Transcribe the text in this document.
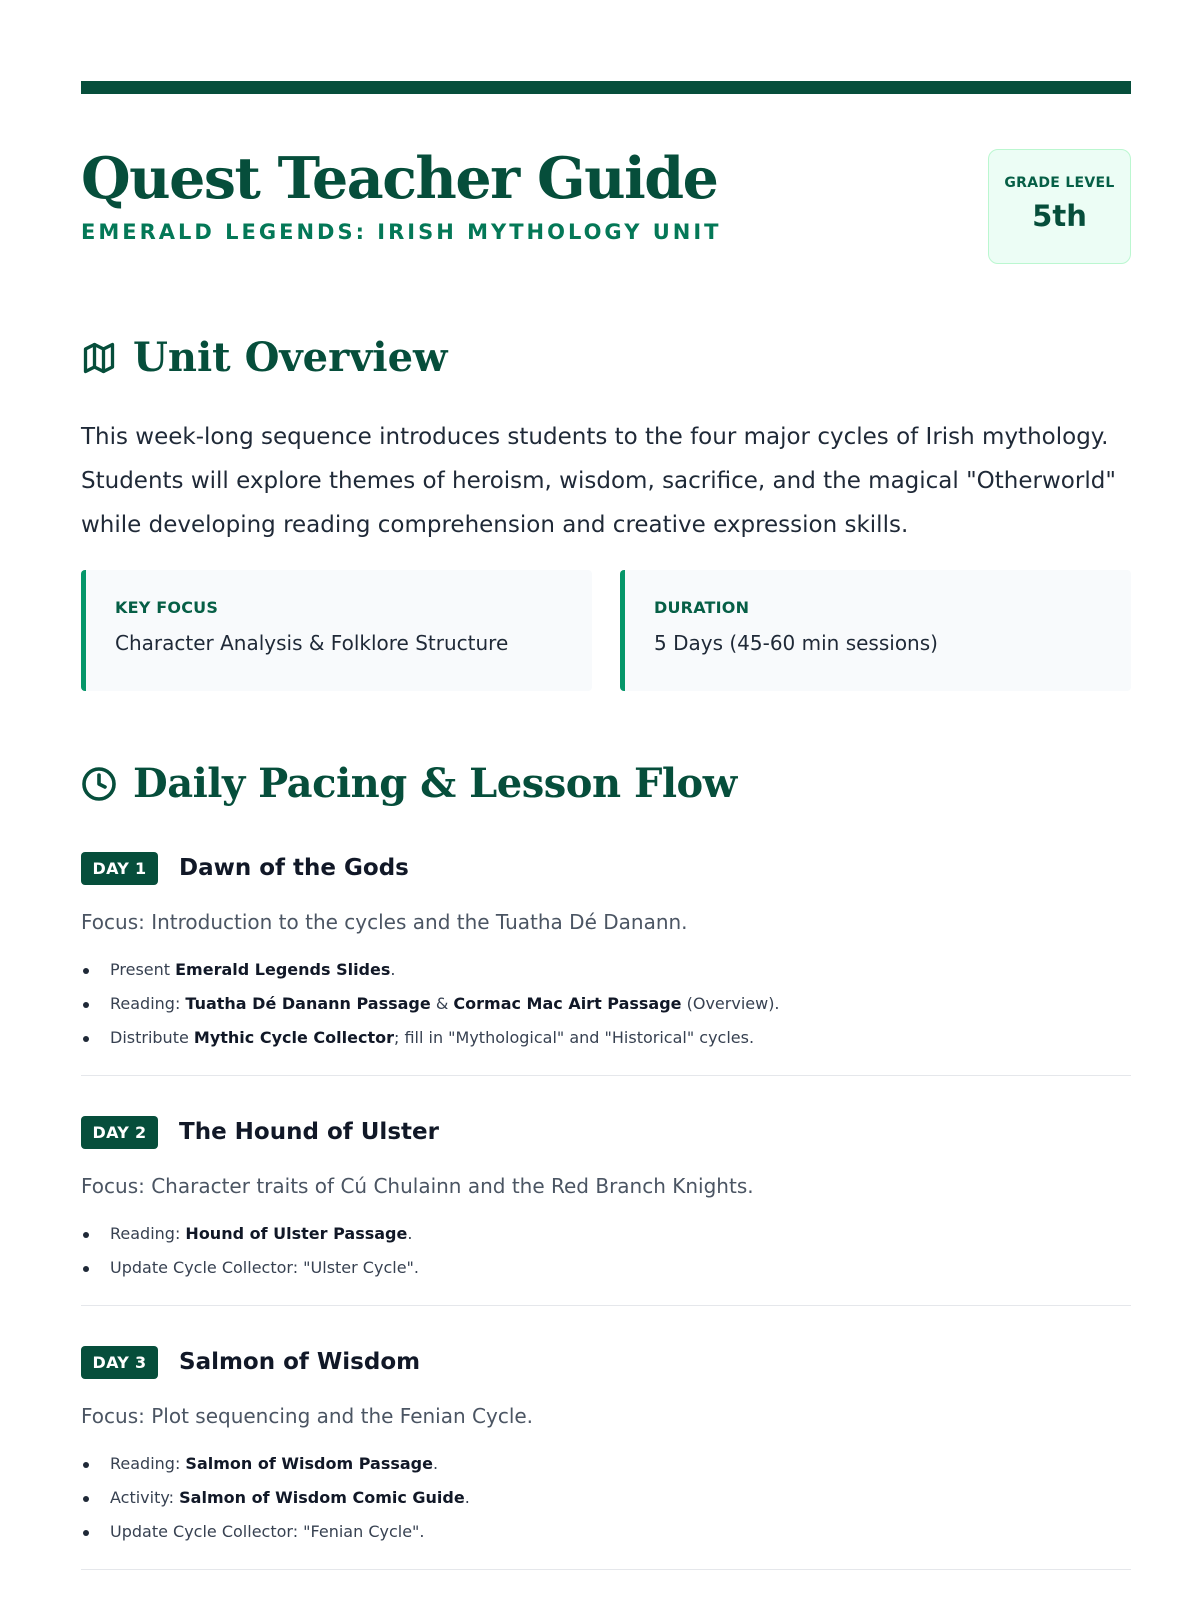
Quest Teacher Guide
EMERALD LEGENDS: IRISH MYTHOLOGY UNIT
GRADE LEVEL
5th
Unit Overview

This week-long sequence introduces students to the four major cycles of Irish mythology. Students will explore themes of heroism, wisdom, sacrifice, and the magical "Otherworld" while developing reading comprehension and creative expression skills.

KEY FOCUS
Character Analysis & Folklore Structure
DURATION
5 Days (45-60 min sessions)
Daily Pacing & Lesson Flow
DAY 1	Dawn of the Gods
Focus: Introduction to the cycles and the Tuatha Dé Danann.
Present Emerald Legends Slides.
Reading: Tuatha Dé Danann Passage & Cormac Mac Airt Passage (Overview).
Distribute Mythic Cycle Collector; fill in "Mythological" and "Historical" cycles.
DAY 2	The Hound of Ulster
Focus: Character traits of Cú Chulainn and the Red Branch Knights.
Reading: Hound of Ulster Passage.
Update Cycle Collector: "Ulster Cycle".
DAY 3	Salmon of Wisdom
Focus: Plot sequencing and the Fenian Cycle.
Reading: Salmon of Wisdom Passage.
Activity: Salmon of Wisdom Comic Guide.
Update Cycle Collector: "Fenian Cycle".
